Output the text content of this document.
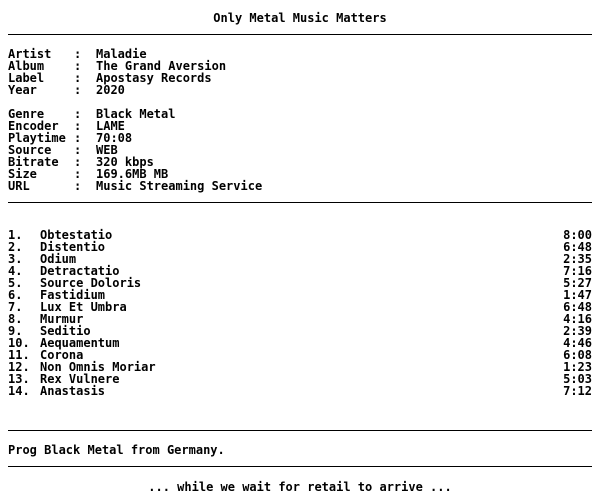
Only Metal Music Matters
Artist : Maladie
Album : The Grand Aversion
Label : Apostasy Records
Year	: 2020
Genre : Black Metal
Encoder : LAME
Playtime : 70:08
Source : WEB
Bitrate : 320 kbps
Size	: 169.6MB MB
URL	: Music Streaming Service
1. Obtestatio	8:00
2. Distentio	6:48
3. Odium	2:35
4. Detractatio	7:16
5. Source Doloris	5:27
6. Fastidium	1:47
7. Lux Et Umbra	6:48
8. Murmur	4:16
9. Seditio	2:39
10. Aequamentum	4:46
11. Corona	6:08
12. Non Omnis Moriar	1:23
13. Rex Vulnere	5:03
14. Anastasis	7:12
Prog Black Metal from Germany.
... while we wait for retail to arrive ...
